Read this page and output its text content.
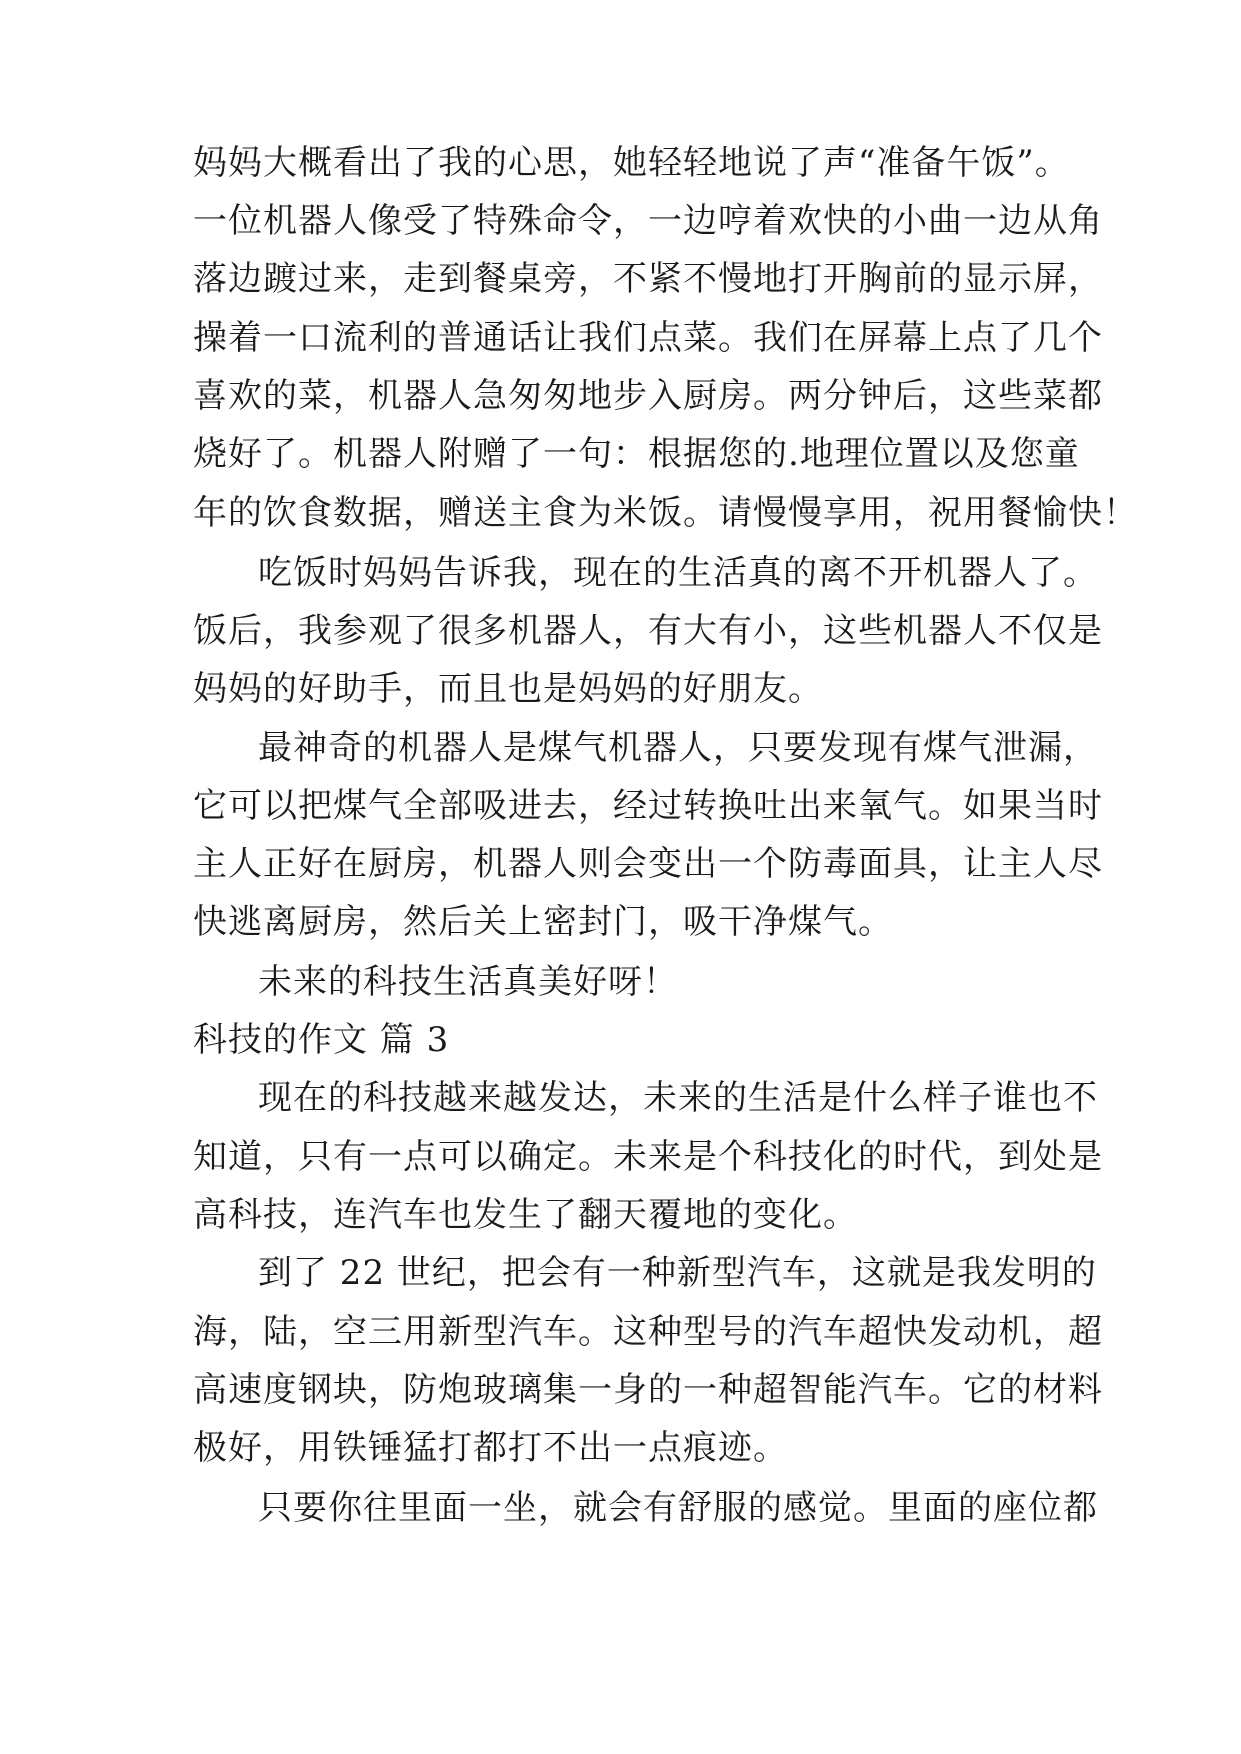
妈妈大概看出了我的心思，她轻轻地说了声“准备午饭”。
一位机器人像受了特殊命令，一边哼着欢快的小曲一边从角
落边踱过来，走到餐桌旁，不紧不慢地打开胸前的显示屏，
操着一口流利的普通话让我们点菜。我们在屏幕上点了几个
喜欢的菜，机器人急匆匆地步入厨房。两分钟后，这些菜都
烧好了。机器人附赠了一句：根据您的.地理位置以及您童
年的饮食数据，赠送主食为米饭。请慢慢享用，祝用餐愉快！
吃饭时妈妈告诉我，现在的生活真的离不开机器人了。
饭后，我参观了很多机器人，有大有小，这些机器人不仅是
妈妈的好助手，而且也是妈妈的好朋友。
最神奇的机器人是煤气机器人，只要发现有煤气泄漏，
它可以把煤气全部吸进去，经过转换吐出来氧气。如果当时
主人正好在厨房，机器人则会变出一个防毒面具，让主人尽
快逃离厨房，然后关上密封门，吸干净煤气。
未来的科技生活真美好呀！
科技的作文 篇 3
现在的科技越来越发达，未来的生活是什么样子谁也不
知道，只有一点可以确定。未来是个科技化的时代，到处是
高科技，连汽车也发生了翻天覆地的变化。
到了 22 世纪，把会有一种新型汽车，这就是我发明的
海，陆，空三用新型汽车。这种型号的汽车超快发动机，超
高速度钢块，防炮玻璃集一身的一种超智能汽车。它的材料
极好，用铁锤猛打都打不出一点痕迹。
只要你往里面一坐，就会有舒服的感觉。里面的座位都
